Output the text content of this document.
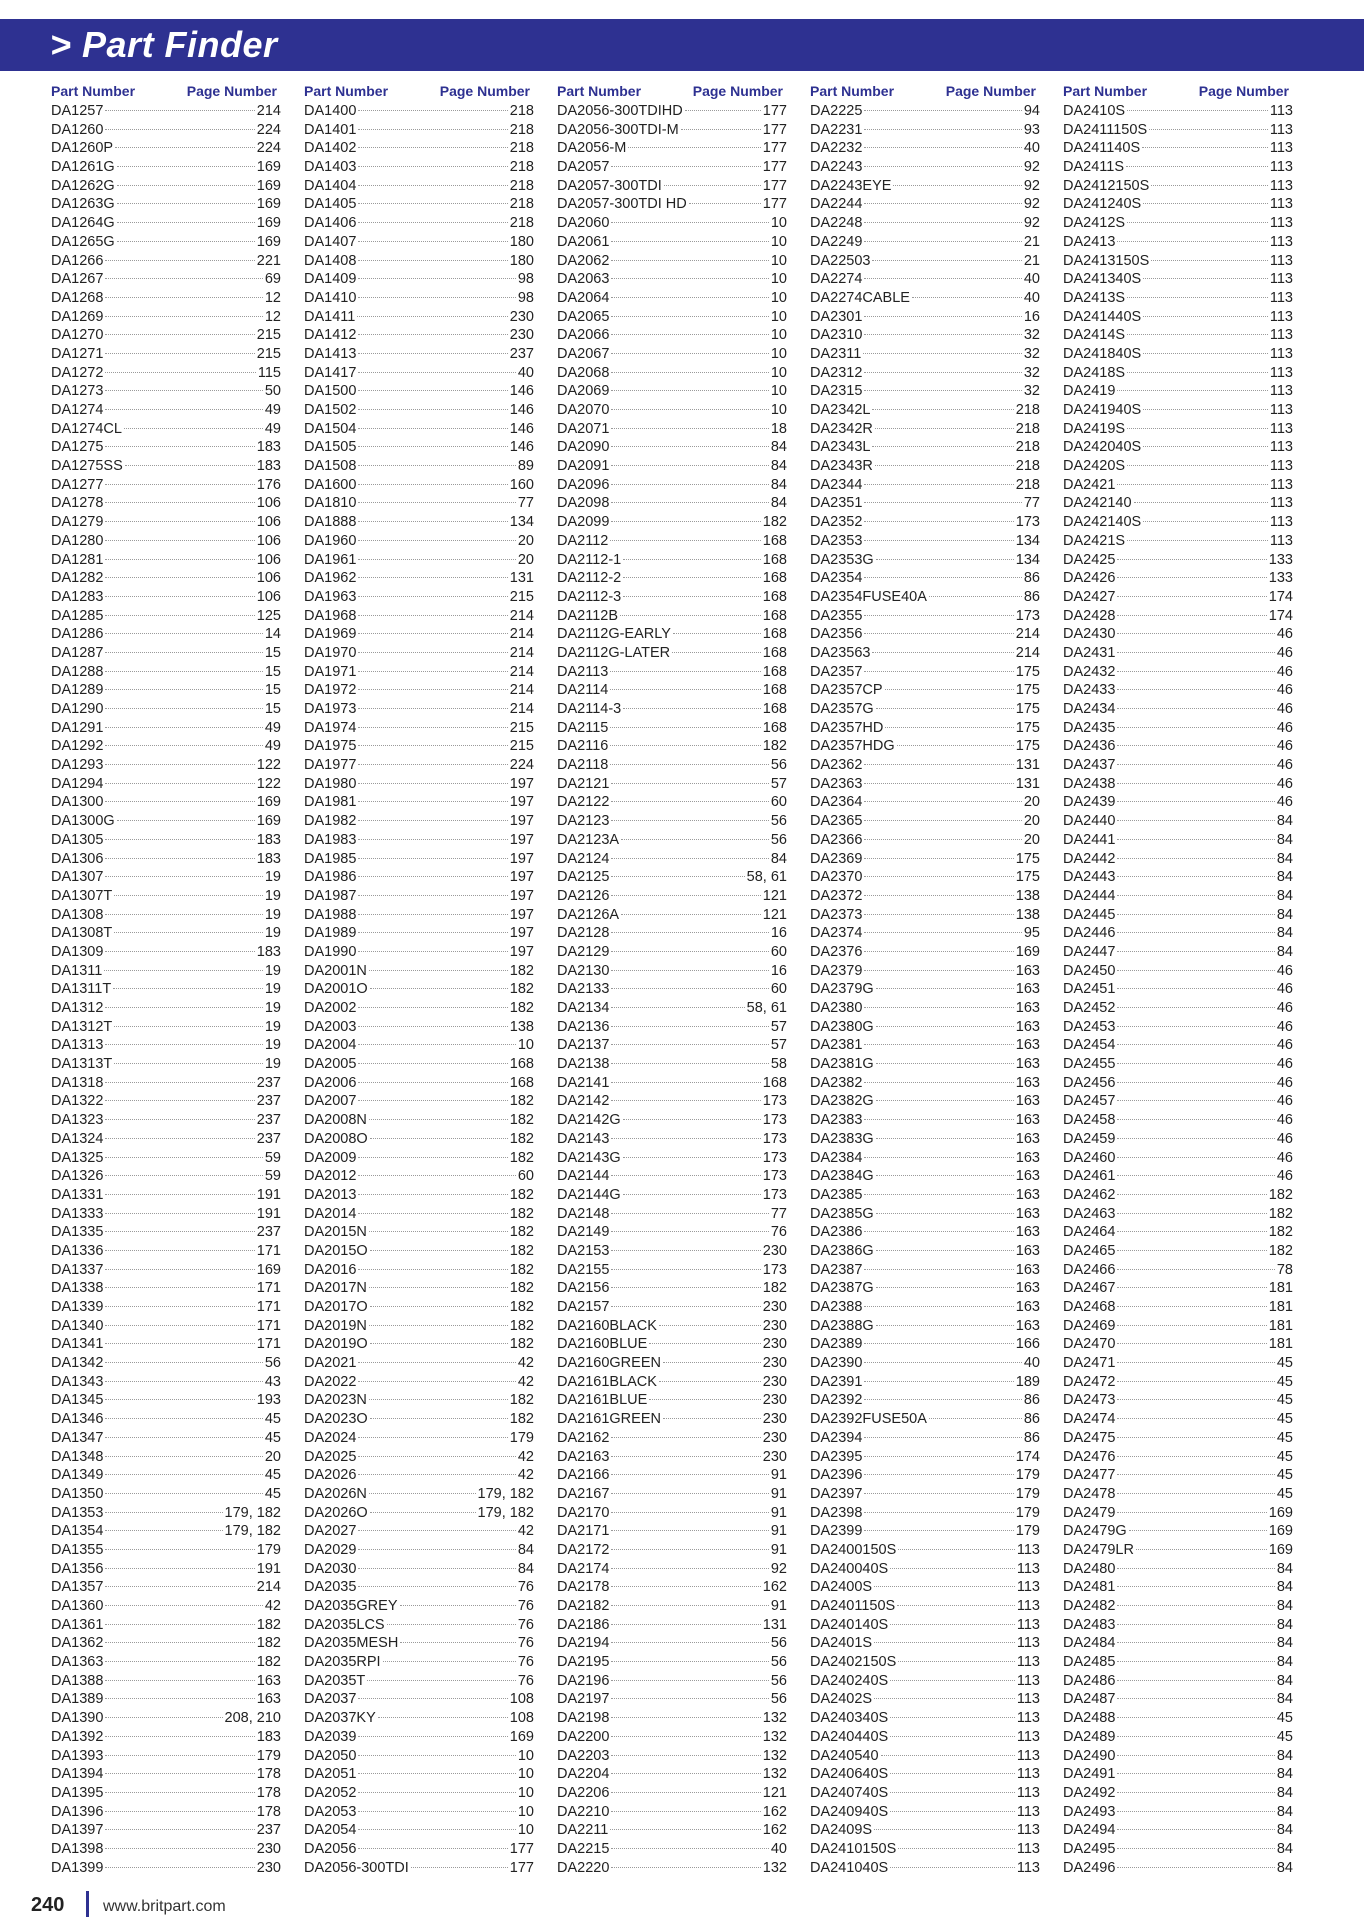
> Part Finder
Part Number	Page Number
DA1257	214
DA1260	224
DA1260P	224
DA1261G	169
DA1262G	169
DA1263G	169
DA1264G	169
DA1265G	169
DA1266	221
DA1267	69
DA1268	12
DA1269	12
DA1270	215
DA1271	215
DA1272	115
DA1273	50
DA1274	49
DA1274CL	49
DA1275	183
DA1275SS	183
DA1277	176
DA1278	106
DA1279	106
DA1280	106
DA1281	106
DA1282	106
DA1283	106
DA1285	125
DA1286	14
DA1287	15
DA1288	15
DA1289	15
DA1290	15
DA1291	49
DA1292	49
DA1293	122
DA1294	122
DA1300	169
DA1300G	169
DA1305	183
DA1306	183
DA1307	19
DA1307T	19
DA1308	19
DA1308T	19
DA1309	183
DA1311	19
DA1311T	19
DA1312	19
DA1312T	19
DA1313	19
DA1313T	19
DA1318	237
DA1322	237
DA1323	237
DA1324	237
DA1325	59
DA1326	59
DA1331	191
DA1333	191
DA1335	237
DA1336	171
DA1337	169
DA1338	171
DA1339	171
DA1340	171
DA1341	171
DA1342	56
DA1343	43
DA1345	193
DA1346	45
DA1347	45
DA1348	20
DA1349	45
DA1350	45
DA1353	179, 182
DA1354	179, 182
DA1355	179
DA1356	191
DA1357	214
DA1360	42
DA1361	182
DA1362	182
DA1363	182
DA1388	163
DA1389	163
DA1390	208, 210
DA1392	183
DA1393	179
DA1394	178
DA1395	178
DA1396	178
DA1397	237
DA1398	230
DA1399	230
Part Number	Page Number
DA1400	218
DA1401	218
DA1402	218
DA1403	218
DA1404	218
DA1405	218
DA1406	218
DA1407	180
DA1408	180
DA1409	98
DA1410	98
DA1411	230
DA1412	230
DA1413	237
DA1417	40
DA1500	146
DA1502	146
DA1504	146
DA1505	146
DA1508	89
DA1600	160
DA1810	77
DA1888	134
DA1960	20
DA1961	20
DA1962	131
DA1963	215
DA1968	214
DA1969	214
DA1970	214
DA1971	214
DA1972	214
DA1973	214
DA1974	215
DA1975	215
DA1977	224
DA1980	197
DA1981	197
DA1982	197
DA1983	197
DA1985	197
DA1986	197
DA1987	197
DA1988	197
DA1989	197
DA1990	197
DA2001N	182
DA2001O	182
DA2002	182
DA2003	138
DA2004	10
DA2005	168
DA2006	168
DA2007	182
DA2008N	182
DA2008O	182
DA2009	182
DA2012	60
DA2013	182
DA2014	182
DA2015N	182
DA2015O	182
DA2016	182
DA2017N	182
DA2017O	182
DA2019N	182
DA2019O	182
DA2021	42
DA2022	42
DA2023N	182
DA2023O	182
DA2024	179
DA2025	42
DA2026	42
DA2026N	179, 182
DA2026O	179, 182
DA2027	42
DA2029	84
DA2030	84
DA2035	76
DA2035GREY	76
DA2035LCS	76
DA2035MESH	76
DA2035RPI	76
DA2035T	76
DA2037	108
DA2037KY	108
DA2039	169
DA2050	10
DA2051	10
DA2052	10
DA2053	10
DA2054	10
DA2056	177
DA2056-300TDI	177
Part Number	Page Number
DA2056-300TDIHD	177
DA2056-300TDI-M	177
DA2056-M	177
DA2057	177
DA2057-300TDI	177
DA2057-300TDI HD	177
DA2060	10
DA2061	10
DA2062	10
DA2063	10
DA2064	10
DA2065	10
DA2066	10
DA2067	10
DA2068	10
DA2069	10
DA2070	10
DA2071	18
DA2090	84
DA2091	84
DA2096	84
DA2098	84
DA2099	182
DA2112	168
DA2112-1	168
DA2112-2	168
DA2112-3	168
DA2112B	168
DA2112G-EARLY	168
DA2112G-LATER	168
DA2113	168
DA2114	168
DA2114-3	168
DA2115	168
DA2116	182
DA2118	56
DA2121	57
DA2122	60
DA2123	56
DA2123A	56
DA2124	84
DA2125	58, 61
DA2126	121
DA2126A	121
DA2128	16
DA2129	60
DA2130	16
DA2133	60
DA2134	58, 61
DA2136	57
DA2137	57
DA2138	58
DA2141	168
DA2142	173
DA2142G	173
DA2143	173
DA2143G	173
DA2144	173
DA2144G	173
DA2148	77
DA2149	76
DA2153	230
DA2155	173
DA2156	182
DA2157	230
DA2160BLACK	230
DA2160BLUE	230
DA2160GREEN	230
DA2161BLACK	230
DA2161BLUE	230
DA2161GREEN	230
DA2162	230
DA2163	230
DA2166	91
DA2167	91
DA2170	91
DA2171	91
DA2172	91
DA2174	92
DA2178	162
DA2182	91
DA2186	131
DA2194	56
DA2195	56
DA2196	56
DA2197	56
DA2198	132
DA2200	132
DA2203	132
DA2204	132
DA2206	121
DA2210	162
DA2211	162
DA2215	40
DA2220	132
Part Number	Page Number
DA2225	94
DA2231	93
DA2232	40
DA2243	92
DA2243EYE	92
DA2244	92
DA2248	92
DA2249	21
DA22503	21
DA2274	40
DA2274CABLE	40
DA2301	16
DA2310	32
DA2311	32
DA2312	32
DA2315	32
DA2342L	218
DA2342R	218
DA2343L	218
DA2343R	218
DA2344	218
DA2351	77
DA2352	173
DA2353	134
DA2353G	134
DA2354	86
DA2354FUSE40A	86
DA2355	173
DA2356	214
DA23563	214
DA2357	175
DA2357CP	175
DA2357G	175
DA2357HD	175
DA2357HDG	175
DA2362	131
DA2363	131
DA2364	20
DA2365	20
DA2366	20
DA2369	175
DA2370	175
DA2372	138
DA2373	138
DA2374	95
DA2376	169
DA2379	163
DA2379G	163
DA2380	163
DA2380G	163
DA2381	163
DA2381G	163
DA2382	163
DA2382G	163
DA2383	163
DA2383G	163
DA2384	163
DA2384G	163
DA2385	163
DA2385G	163
DA2386	163
DA2386G	163
DA2387	163
DA2387G	163
DA2388	163
DA2388G	163
DA2389	166
DA2390	40
DA2391	189
DA2392	86
DA2392FUSE50A	86
DA2394	86
DA2395	174
DA2396	179
DA2397	179
DA2398	179
DA2399	179
DA2400150S	113
DA240040S	113
DA2400S	113
DA2401150S	113
DA240140S	113
DA2401S	113
DA2402150S	113
DA240240S	113
DA2402S	113
DA240340S	113
DA240440S	113
DA240540	113
DA240640S	113
DA240740S	113
DA240940S	113
DA2409S	113
DA2410150S	113
DA241040S	113
Part Number	Page Number
DA2410S	113
DA2411150S	113
DA241140S	113
DA2411S	113
DA2412150S	113
DA241240S	113
DA2412S	113
DA2413	113
DA2413150S	113
DA241340S	113
DA2413S	113
DA241440S	113
DA2414S	113
DA241840S	113
DA2418S	113
DA2419	113
DA241940S	113
DA2419S	113
DA242040S	113
DA2420S	113
DA2421	113
DA242140	113
DA242140S	113
DA2421S	113
DA2425	133
DA2426	133
DA2427	174
DA2428	174
DA2430	46
DA2431	46
DA2432	46
DA2433	46
DA2434	46
DA2435	46
DA2436	46
DA2437	46
DA2438	46
DA2439	46
DA2440	84
DA2441	84
DA2442	84
DA2443	84
DA2444	84
DA2445	84
DA2446	84
DA2447	84
DA2450	46
DA2451	46
DA2452	46
DA2453	46
DA2454	46
DA2455	46
DA2456	46
DA2457	46
DA2458	46
DA2459	46
DA2460	46
DA2461	46
DA2462	182
DA2463	182
DA2464	182
DA2465	182
DA2466	78
DA2467	181
DA2468	181
DA2469	181
DA2470	181
DA2471	45
DA2472	45
DA2473	45
DA2474	45
DA2475	45
DA2476	45
DA2477	45
DA2478	45
DA2479	169
DA2479G	169
DA2479LR	169
DA2480	84
DA2481	84
DA2482	84
DA2483	84
DA2484	84
DA2485	84
DA2486	84
DA2487	84
DA2488	45
DA2489	45
DA2490	84
DA2491	84
DA2492	84
DA2493	84
DA2494	84
DA2495	84
DA2496	84
240 www.britpart.com
